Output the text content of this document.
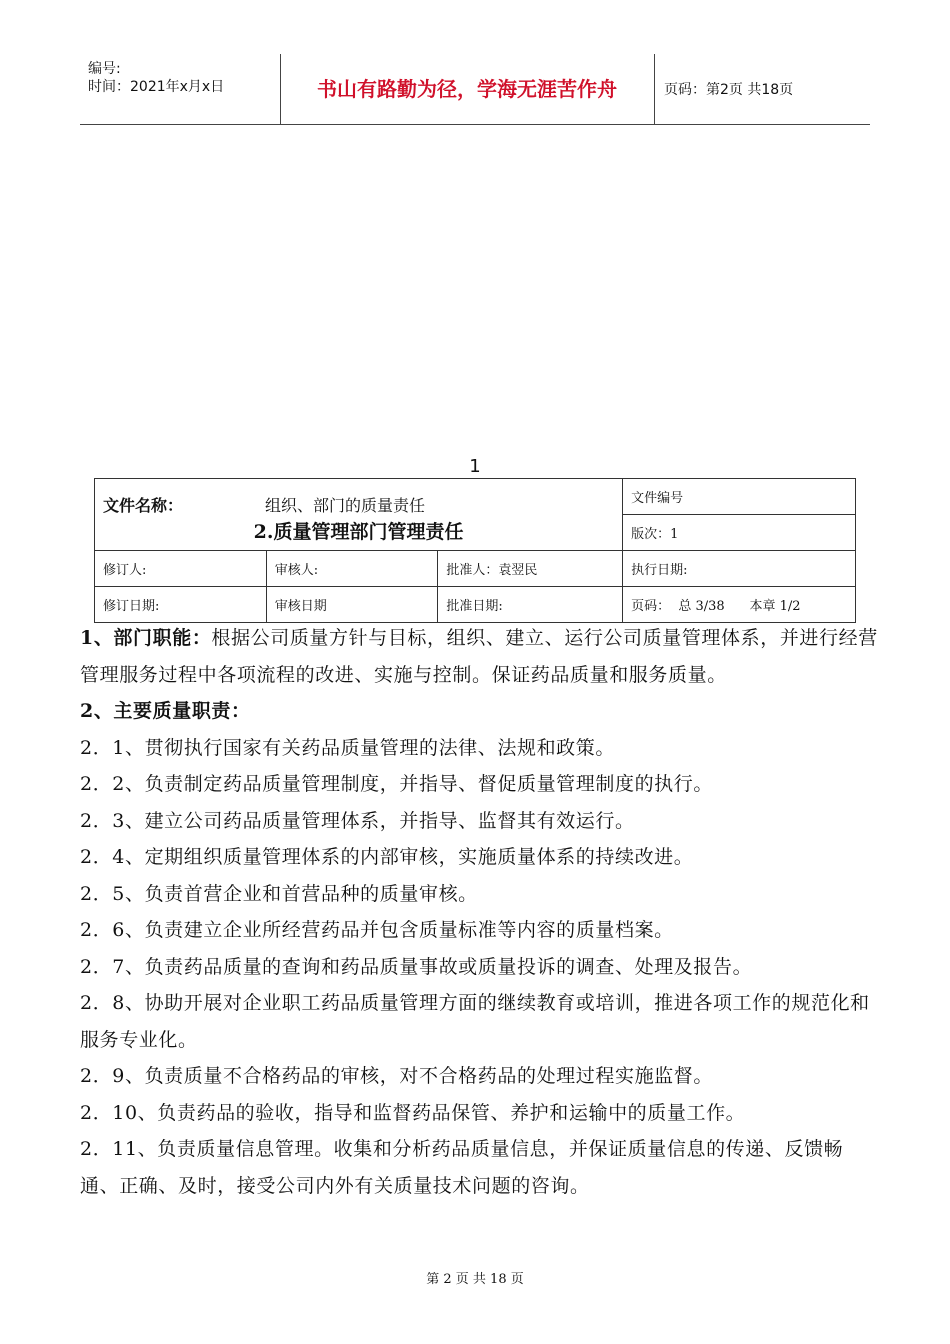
编号:
时间：2021年x月x日	书山有路勤为径，学海无涯苦作舟	页码：第2页 共18页
1
文件名称： 组织、部门的质量责任
2.质量管理部门管理责任			文件编号
			版次：1
修订人:	审核人:	批准人：袁翌民	执行日期:
修订日期:	审核日期	批准日期:	页码：  总 3/38      本章 1/2

1、部门职能：根据公司质量方针与目标，组织、建立、运行公司质量管理体系，并进行经营管理服务过程中各项流程的改进、实施与控制。保证药品质量和服务质量。

2、主要质量职责：

2．1、贯彻执行国家有关药品质量管理的法律、法规和政策。

2．2、负责制定药品质量管理制度，并指导、督促质量管理制度的执行。

2．3、建立公司药品质量管理体系，并指导、监督其有效运行。

2．4、定期组织质量管理体系的内部审核，实施质量体系的持续改进。

2．5、负责首营企业和首营品种的质量审核。

2．6、负责建立企业所经营药品并包含质量标准等内容的质量档案。

2．7、负责药品质量的查询和药品质量事故或质量投诉的调查、处理及报告。

2．8、协助开展对企业职工药品质量管理方面的继续教育或培训，推进各项工作的规范化和服务专业化。

2．9、负责质量不合格药品的审核，对不合格药品的处理过程实施监督。

2．10、负责药品的验收，指导和监督药品保管、养护和运输中的质量工作。

2．11、负责质量信息管理。收集和分析药品质量信息，并保证质量信息的传递、反馈畅通、正确、及时，接受公司内外有关质量技术问题的咨询。

第 2 页 共 18 页
